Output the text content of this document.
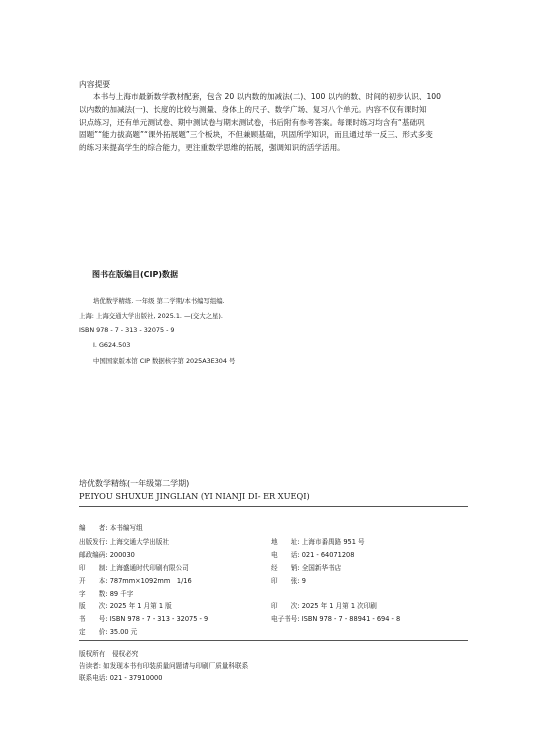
内容提要
本书与上海市最新数学教材配套，包含 20 以内数的加减法(二)、100 以内的数、时间的初步认识、100
以内数的加减法(一)、长度的比较与测量、身体上的尺子、数学广场、复习八个单元。内容不仅有课时知
识点练习，还有单元测试卷、期中测试卷与期末测试卷，书后附有参考答案。每课时练习均含有“基础巩
固题”“能力拔高题”“课外拓展题”三个板块，不但兼顾基础，巩固所学知识，而且通过举一反三、形式多变
的练习来提高学生的综合能力，更注重数学思维的拓展，强调知识的活学活用。
图书在版编目(CIP)数据
培优数学精练. 一年级 第二学期/本书编写组编.
上海: 上海交通大学出版社, 2025.1. —(交大之星).
ISBN 978 - 7 - 313 - 32075 - 9
Ⅰ. G624.503
中国国家版本馆 CIP 数据核字第 2025A3E304 号
培优数学精练(一年级第二学期)
PEIYOU SHUXUE JINGLIAN (YI NIANJI DI- ER XUEQI)
编　　者: 本书编写组
出版发行: 上海交通大学出版社	地　　址: 上海市番禺路 951 号
邮政编码: 200030	电　　话: 021 - 64071208
印　　制: 上海盛通时代印刷有限公司	经　　销: 全国新华书店
开　　本: 787mm×1092mm　1/16	印　　张: 9
字　　数: 89 千字
版　　次: 2025 年 1 月第 1 版	印　　次: 2025 年 1 月第 1 次印刷
书　　号: ISBN 978 - 7 - 313 - 32075 - 9	电子书号: ISBN 978 - 7 - 88941 - 694 - 8
定　　价: 35.00 元
版权所有　侵权必究
告读者: 如发现本书有印装质量问题请与印刷厂质量科联系
联系电话: 021 - 37910000
